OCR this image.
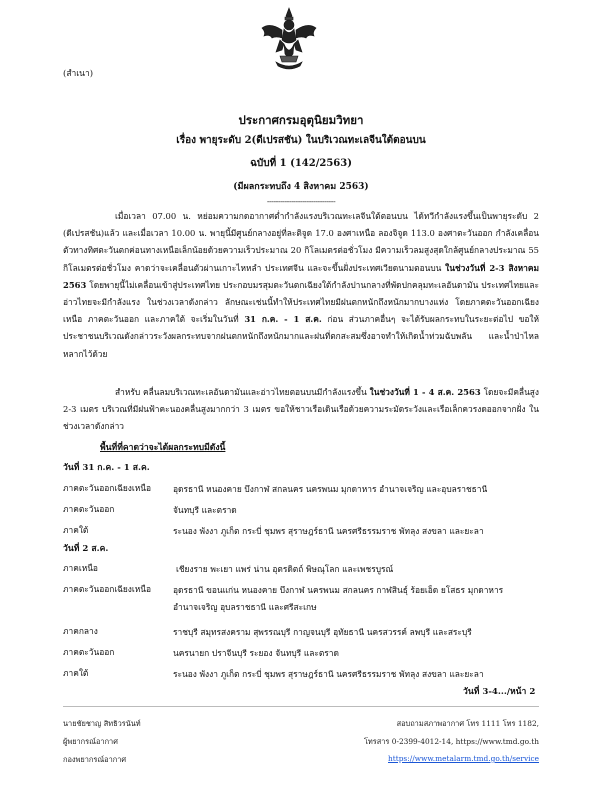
(สำเนา)
ประกาศกรมอุตุนิยมวิทยา
เรื่อง พายุระดับ 2(ดีเปรสชัน) ในบริเวณทะเลจีนใต้ตอนบน
ฉบับที่ 1 (142/2563)
(มีผลกระทบถึง 4 สิงหาคม 2563)
-------------------------------
เมื่อเวลา 07.00 น. หย่อมความกดอากาศต่ำกำลังแรงบริเวณทะเลจีนใต้ตอนบน ได้ทวีกำลังแรงขึ้นเป็นพายุระดับ 2 (ดีเปรสชัน)แล้ว และเมื่อเวลา 10.00 น. พายุนี้มีศูนย์กลางอยู่ที่ละติจูด 17.0 องศาเหนือ ลองจิจูด 113.0 องศาตะวันออก กำลังเคลื่อนตัวทางทิศตะวันตกค่อนทางเหนือเล็กน้อยด้วยความเร็วประมาณ 20 กิโลเมตรต่อชั่วโมง มีความเร็วลมสูงสุดใกล้ศูนย์กลางประมาณ 55 กิโลเมตรต่อชั่วโมง คาดว่าจะเคลื่อนตัวผ่านเกาะไหหลำ ประเทศจีน และจะขึ้นฝั่งประเทศเวียดนามตอนบน ในช่วงวันที่ 2-3 สิงหาคม 2563 โดยพายุนี้ไม่เคลื่อนเข้าสู่ประเทศไทย ประกอบมรสุมตะวันตกเฉียงใต้กำลังปานกลางที่พัดปกคลุมทะเลอันดามัน ประเทศไทยและอ่าวไทยจะมีกำลังแรง ในช่วงเวลาดังกล่าว ลักษณะเช่นนี้ทำให้ประเทศไทยมีฝนตกหนักถึงหนักมากบางแห่ง โดยภาคตะวันออกเฉียงเหนือ ภาคตะวันออก และภาคใต้ จะเริ่มในวันที่ 31 ก.ค. - 1 ส.ค. ก่อน ส่วนภาคอื่นๆ จะได้รับผลกระทบในระยะต่อไป ขอให้ประชาชนบริเวณดังกล่าวระวังผลกระทบจากฝนตกหนักถึงหนักมากและฝนที่ตกสะสมซึ่งอาจทำให้เกิดน้ำท่วมฉับพลัน และน้ำป่าไหลหลากไว้ด้วย
สำหรับ คลื่นลมบริเวณทะเลอันดามันและอ่าวไทยตอนบนมีกำลังแรงขึ้น ในช่วงวันที่ 1 - 4 ส.ค. 2563 โดยจะมีคลื่นสูง 2-3 เมตร บริเวณที่มีฝนฟ้าคะนองคลื่นสูงมากกว่า 3 เมตร ขอให้ชาวเรือเดินเรือด้วยความระมัดระวังและเรือเล็กควรงดออกจากฝั่ง ในช่วงเวลาดังกล่าว
พื้นที่ที่คาดว่าจะได้ผลกระทบมีดังนี้
วันที่ 31 ก.ค. - 1 ส.ค.
ภาคตะวันออกเฉียงเหนือ	อุดรธานี หนองคาย บึงกาฬ สกลนคร นครพนม มุกดาหาร อำนาจเจริญ และอุบลราชธานี
ภาคตะวันออก	จันทบุรี และตราด
ภาคใต้	ระนอง พังงา ภูเก็ต กระบี่ ชุมพร สุราษฎร์ธานี นครศรีธรรมราช พัทลุง สงขลา และยะลา
วันที่ 2 ส.ค.
ภาคเหนือ	เชียงราย พะเยา แพร่ น่าน อุตรดิตถ์ พิษณุโลก และเพชรบูรณ์
ภาคตะวันออกเฉียงเหนือ	อุดรธานี ขอนแก่น หนองคาย บึงกาฬ นครพนม สกลนคร กาฬสินธุ์ ร้อยเอ็ด ยโสธร มุกดาหาร อำนาจเจริญ อุบลราชธานี และศรีสะเกษ
ภาคกลาง	ราชบุรี สมุทรสงคราม สุพรรณบุรี กาญจนบุรี อุทัยธานี นครสวรรค์ ลพบุรี และสระบุรี
ภาคตะวันออก	นครนายก ปราจีนบุรี ระยอง จันทบุรี และตราด
ภาคใต้	ระนอง พังงา ภูเก็ต กระบี่ ชุมพร สุราษฎร์ธานี นครศรีธรรมราช พัทลุง สงขลา และยะลา
วันที่ 3-4.../หน้า 2
นายชัยชาญ สิทธิวรนันท์
ผู้พยากรณ์อากาศ
กองพยากรณ์อากาศ
สอบถามสภาพอากาศ โทร 1111 โทร 1182,
โทรสาร 0-2399-4012-14, https://www.tmd.go.th
https://www.metalarm.tmd.go.th/service
